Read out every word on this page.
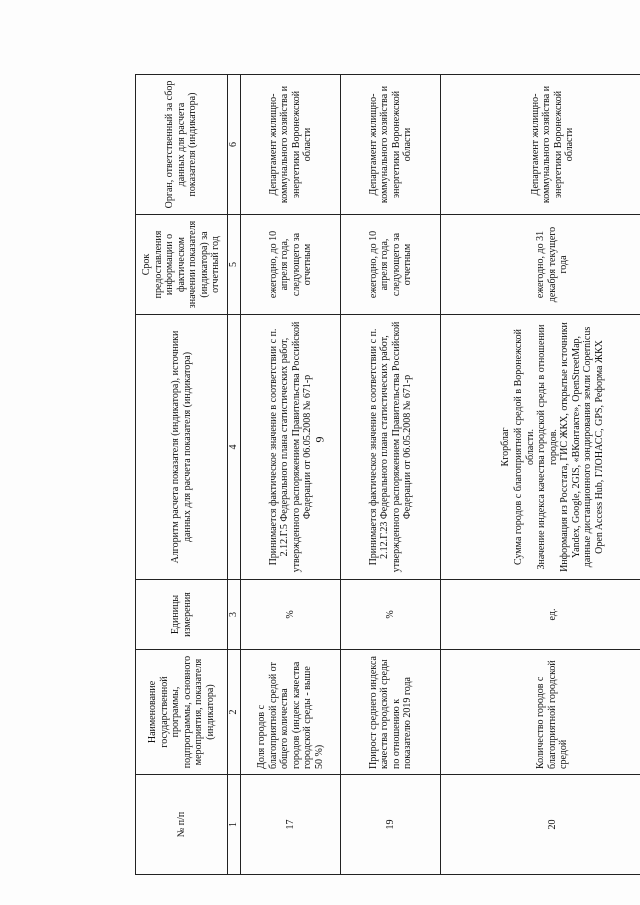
9
№ п/п	Наименование государственной программы, подпрограммы, основного мероприятия, показателя (индикатора)	Единицы измерения	Алгоритм расчета показателя (индикатора), источники данных для расчета показателя (индикатора)	Срок предоставления информации о фактическом значении показателя (индикатора) за отчетный год	Орган, ответственный за сбор данных для расчета показателя (индикатора)
1	2	3	4	5	6
17	Доля городов с благоприятной средой от общего количества городов (индекс качества городской среды - выше 50 %)	%	Принимается фактическое значение в соответствии с п. 2.12.Г.5 Федерального плана статистических работ, утвержденного распоряжением Правительства Российской Федерации от 06.05.2008 № 671-р	ежегодно, до 10 апреля года, следующего за отчетным	Департамент жилищно-коммунального хозяйства и энергетики Воронежской области
19	Прирост среднего индекса качества городской среды по отношению к показателю 2019 года	%	Принимается фактическое значение в соответствии с п. 2.12.Г.23 Федерального плана статистических работ, утвержденного распоряжением Правительства Российской Федерации от 06.05.2008 № 671-р	ежегодно, до 10 апреля года, следующего за отчетным	Департамент жилищно-коммунального хозяйства и энергетики Воронежской области
20	Количество городов с благоприятной городской средой	ед.	Кгорблаг Сумма городов с благоприятной средой в Воронежской области. Значение индекса качества городской среды в отношении городов. Информация из Росстата, ГИС ЖКХ, открытые источники Yandex, Google, 2GIS, «ВКонтакте», OpenStreetMap, данные дистанционного зондирования земли Copernicus Open Access Hub, ГЛОНАСС, GPS, Реформа ЖКХ	ежегодно, до 31 декабря текущего года	Департамент жилищно-коммунального хозяйства и энергетики Воронежской области
